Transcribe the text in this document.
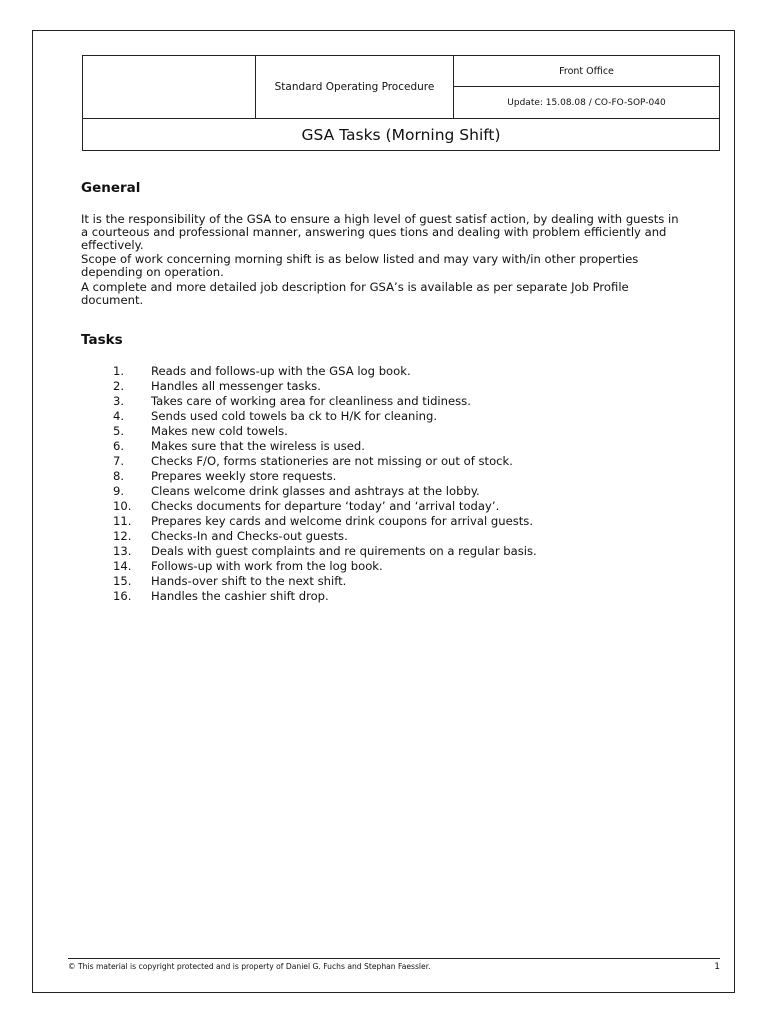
Standard Operating Procedure
Front Office
Update: 15.08.08 / CO-FO-SOP-040
GSA Tasks (Morning Shift)
General

It is the responsibility of the GSA to ensure a high level of guest satisf action, by dealing with guests in a courteous and professional manner, answering ques tions and dealing with problem efficiently and effectively.

Scope of work concerning morning shift is as below listed and may vary with/in other properties depending on operation.

A complete and more detailed job description for GSA’s is available as per separate Job Profile document.

Tasks
1. Reads and follows-up with the GSA log book.
2. Handles all messenger tasks.
3. Takes care of working area for cleanliness and tidiness.
4. Sends used cold towels ba ck to H/K for cleaning.
5. Makes new cold towels.
6. Makes sure that the wireless is used.
7. Checks F/O, forms stationeries are not missing or out of stock.
8. Prepares weekly store requests.
9. Cleans welcome drink glasses and ashtrays at the lobby.
10. Checks documents for departure ‘today’ and ‘arrival today’.
11. Prepares key cards and welcome drink coupons for arrival guests.
12. Checks-In and Checks-out guests.
13. Deals with guest complaints and re quirements on a regular basis.
14. Follows-up with work from the log book.
15. Hands-over shift to the next shift.
16. Handles the cashier shift drop.
© This material is copyright protected and is property of Daniel G. Fuchs and Stephan Faessler.	1
